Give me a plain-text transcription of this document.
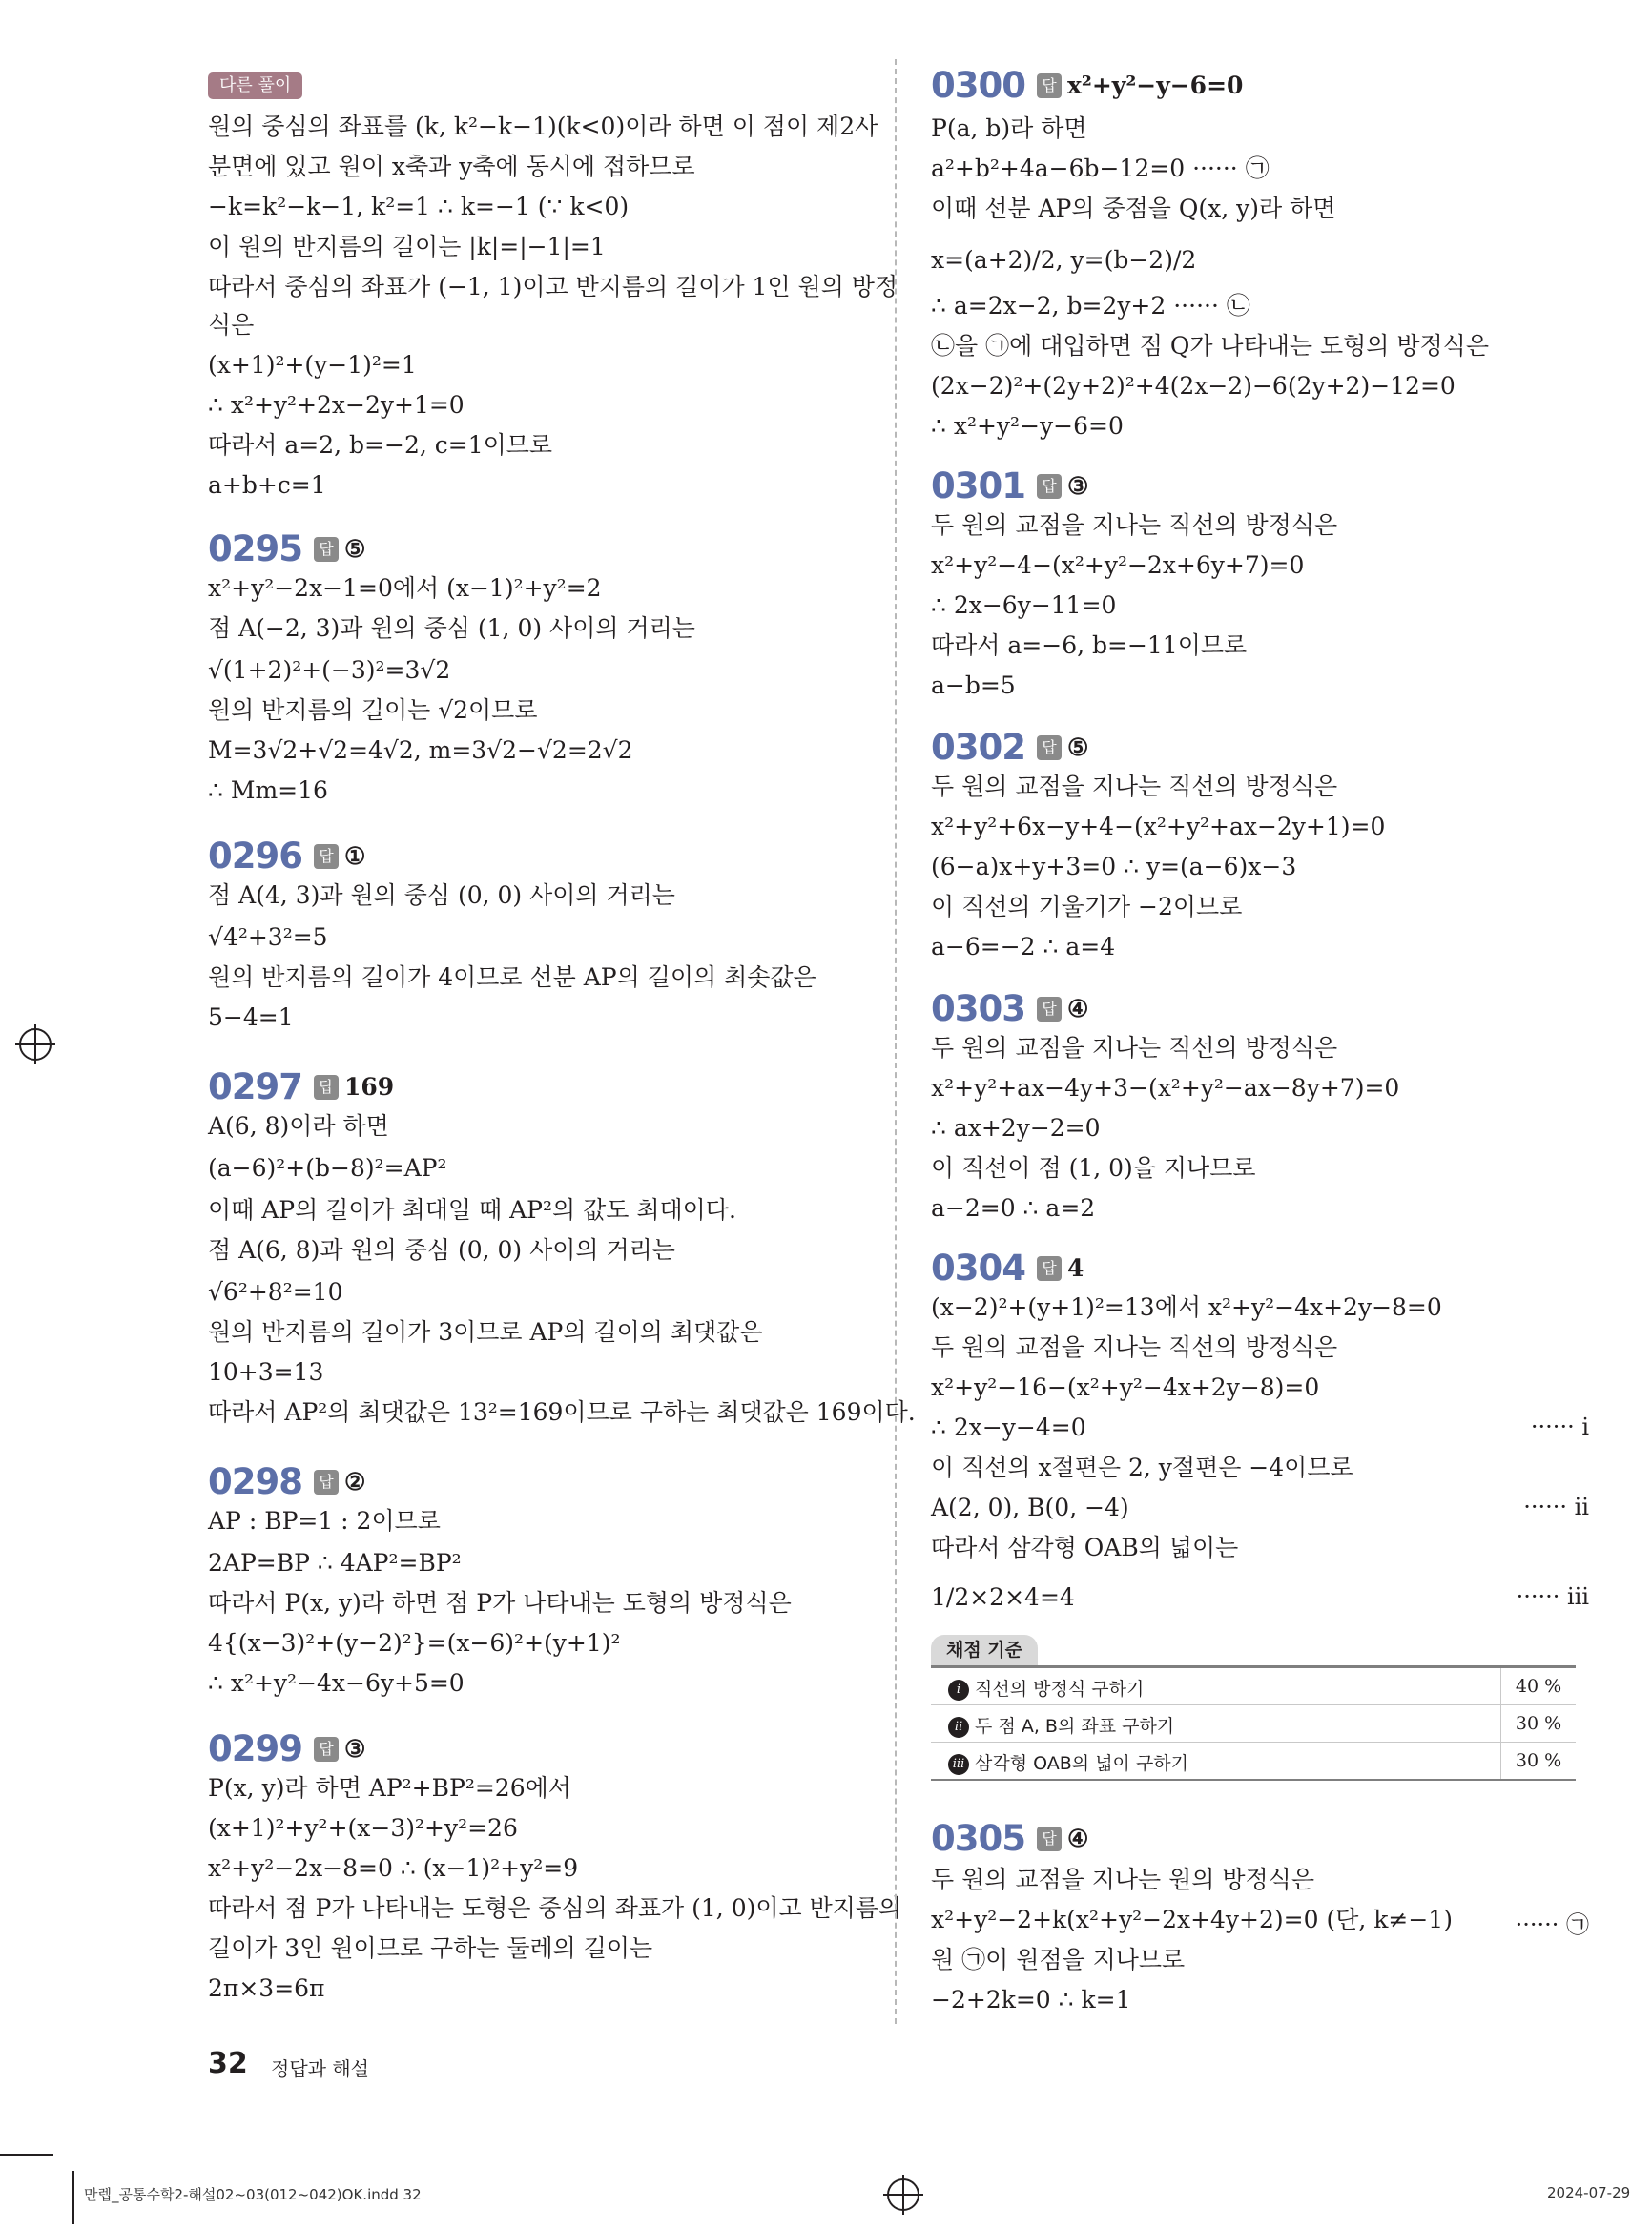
다른 풀이
원의 중심의 좌표를 (k, k²−k−1)(k<0)이라 하면 이 점이 제2사
분면에 있고 원이 x축과 y축에 동시에 접하므로
−k=k²−k−1, k²=1 ∴ k=−1 (∵ k<0)
이 원의 반지름의 길이는 |k|=|−1|=1
따라서 중심의 좌표가 (−1, 1)이고 반지름의 길이가 1인 원의 방정
식은
(x+1)²+(y−1)²=1
∴ x²+y²+2x−2y+1=0
따라서 a=2, b=−2, c=1이므로
a+b+c=1
0295 답 ⑤
x²+y²−2x−1=0에서 (x−1)²+y²=2
점 A(−2, 3)과 원의 중심 (1, 0) 사이의 거리는
√(1+2)²+(−3)²=3√2
원의 반지름의 길이는 √2이므로
M=3√2+√2=4√2, m=3√2−√2=2√2
∴ Mm=16
0296 답 ①
점 A(4, 3)과 원의 중심 (0, 0) 사이의 거리는
√4²+3²=5
원의 반지름의 길이가 4이므로 선분 AP의 길이의 최솟값은
5−4=1
0297 답 169
A(6, 8)이라 하면
(a−6)²+(b−8)²=AP²
이때 AP의 길이가 최대일 때 AP²의 값도 최대이다.
점 A(6, 8)과 원의 중심 (0, 0) 사이의 거리는
√6²+8²=10
원의 반지름의 길이가 3이므로 AP의 길이의 최댓값은
10+3=13
따라서 AP²의 최댓값은 13²=169이므로 구하는 최댓값은 169이다.
0298 답 ②
AP : BP=1 : 2이므로
2AP=BP ∴ 4AP²=BP²
따라서 P(x, y)라 하면 점 P가 나타내는 도형의 방정식은
4{(x−3)²+(y−2)²}=(x−6)²+(y+1)²
∴ x²+y²−4x−6y+5=0
0299 답 ③
P(x, y)라 하면 AP²+BP²=26에서
(x+1)²+y²+(x−3)²+y²=26
x²+y²−2x−8=0 ∴ (x−1)²+y²=9
따라서 점 P가 나타내는 도형은 중심의 좌표가 (1, 0)이고 반지름의
길이가 3인 원이므로 구하는 둘레의 길이는
2π×3=6π
0300 답 x²+y²−y−6=0
P(a, b)라 하면
a²+b²+4a−6b−12=0 ······ ㉠
이때 선분 AP의 중점을 Q(x, y)라 하면
x=(a+2)/2, y=(b−2)/2
∴ a=2x−2, b=2y+2 ······ ㉡
㉡을 ㉠에 대입하면 점 Q가 나타내는 도형의 방정식은
(2x−2)²+(2y+2)²+4(2x−2)−6(2y+2)−12=0
∴ x²+y²−y−6=0
0301 답 ③
두 원의 교점을 지나는 직선의 방정식은
x²+y²−4−(x²+y²−2x+6y+7)=0
∴ 2x−6y−11=0
따라서 a=−6, b=−11이므로
a−b=5
0302 답 ⑤
두 원의 교점을 지나는 직선의 방정식은
x²+y²+6x−y+4−(x²+y²+ax−2y+1)=0
(6−a)x+y+3=0 ∴ y=(a−6)x−3
이 직선의 기울기가 −2이므로
a−6=−2 ∴ a=4
0303 답 ④
두 원의 교점을 지나는 직선의 방정식은
x²+y²+ax−4y+3−(x²+y²−ax−8y+7)=0
∴ ax+2y−2=0
이 직선이 점 (1, 0)을 지나므로
a−2=0 ∴ a=2
0304 답 4
(x−2)²+(y+1)²=13에서 x²+y²−4x+2y−8=0
두 원의 교점을 지나는 직선의 방정식은
x²+y²−16−(x²+y²−4x+2y−8)=0
∴ 2x−y−4=0	······ ⅰ
이 직선의 x절편은 2, y절편은 −4이므로
A(2, 0), B(0, −4)	······ ⅱ
따라서 삼각형 OAB의 넓이는
1/2×2×4=4	······ ⅲ
채점 기준
ⅰ 직선의 방정식 구하기	40 %
ⅱ 두 점 A, B의 좌표 구하기	30 %
ⅲ 삼각형 OAB의 넓이 구하기	30 %
0305 답 ④
두 원의 교점을 지나는 원의 방정식은
x²+y²−2+k(x²+y²−2x+4y+2)=0 (단, k≠−1)	······ ㉠
원 ㉠이 원점을 지나므로
−2+2k=0 ∴ k=1
32 정답과 해설
만렙_공통수학2-해설02~03(012~042)OK.indd 32	2024-07-29
